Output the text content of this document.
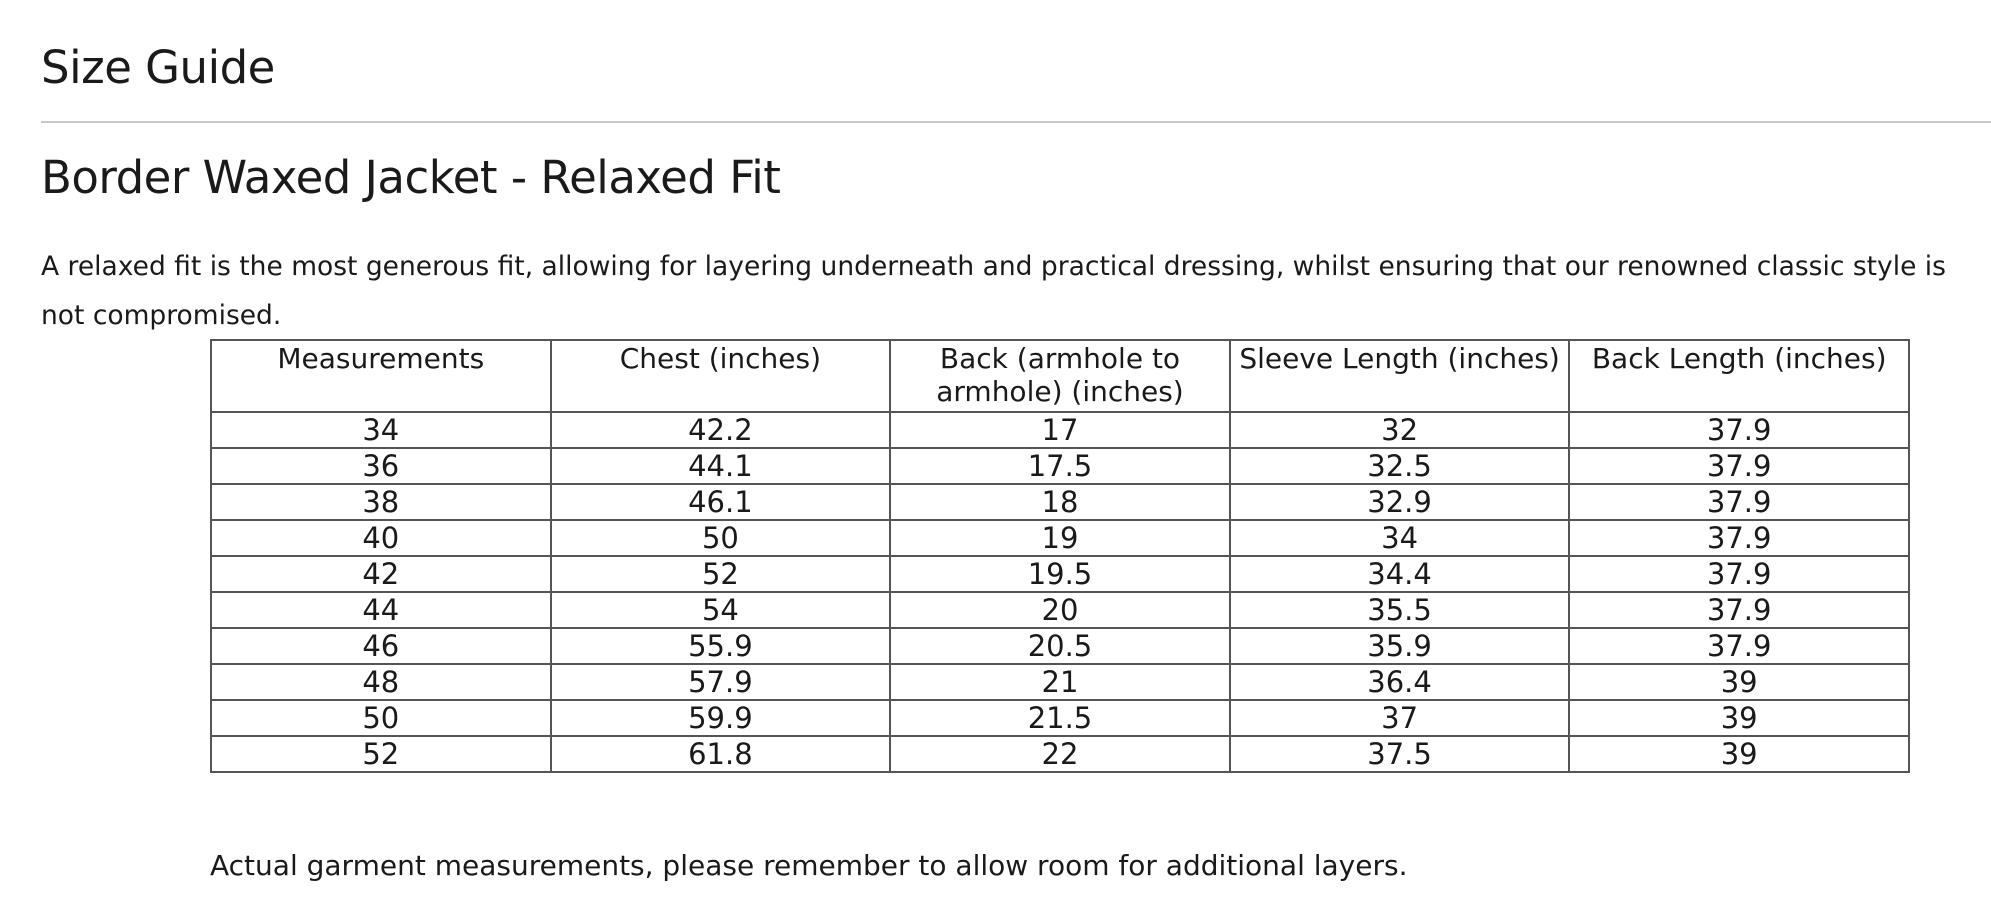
Size Guide
Border Waxed Jacket - Relaxed Fit

A relaxed fit is the most generous fit, allowing for layering underneath and practical dressing, whilst ensuring that our renowned classic style is not compromised.

Measurements	Chest (inches)	Back (armhole to armhole) (inches)	Sleeve Length (inches)	Back Length (inches)
34	42.2	17	32	37.9
36	44.1	17.5	32.5	37.9
38	46.1	18	32.9	37.9
40	50	19	34	37.9
42	52	19.5	34.4	37.9
44	54	20	35.5	37.9
46	55.9	20.5	35.9	37.9
48	57.9	21	36.4	39
50	59.9	21.5	37	39
52	61.8	22	37.5	39

Actual garment measurements, please remember to allow room for additional layers.
